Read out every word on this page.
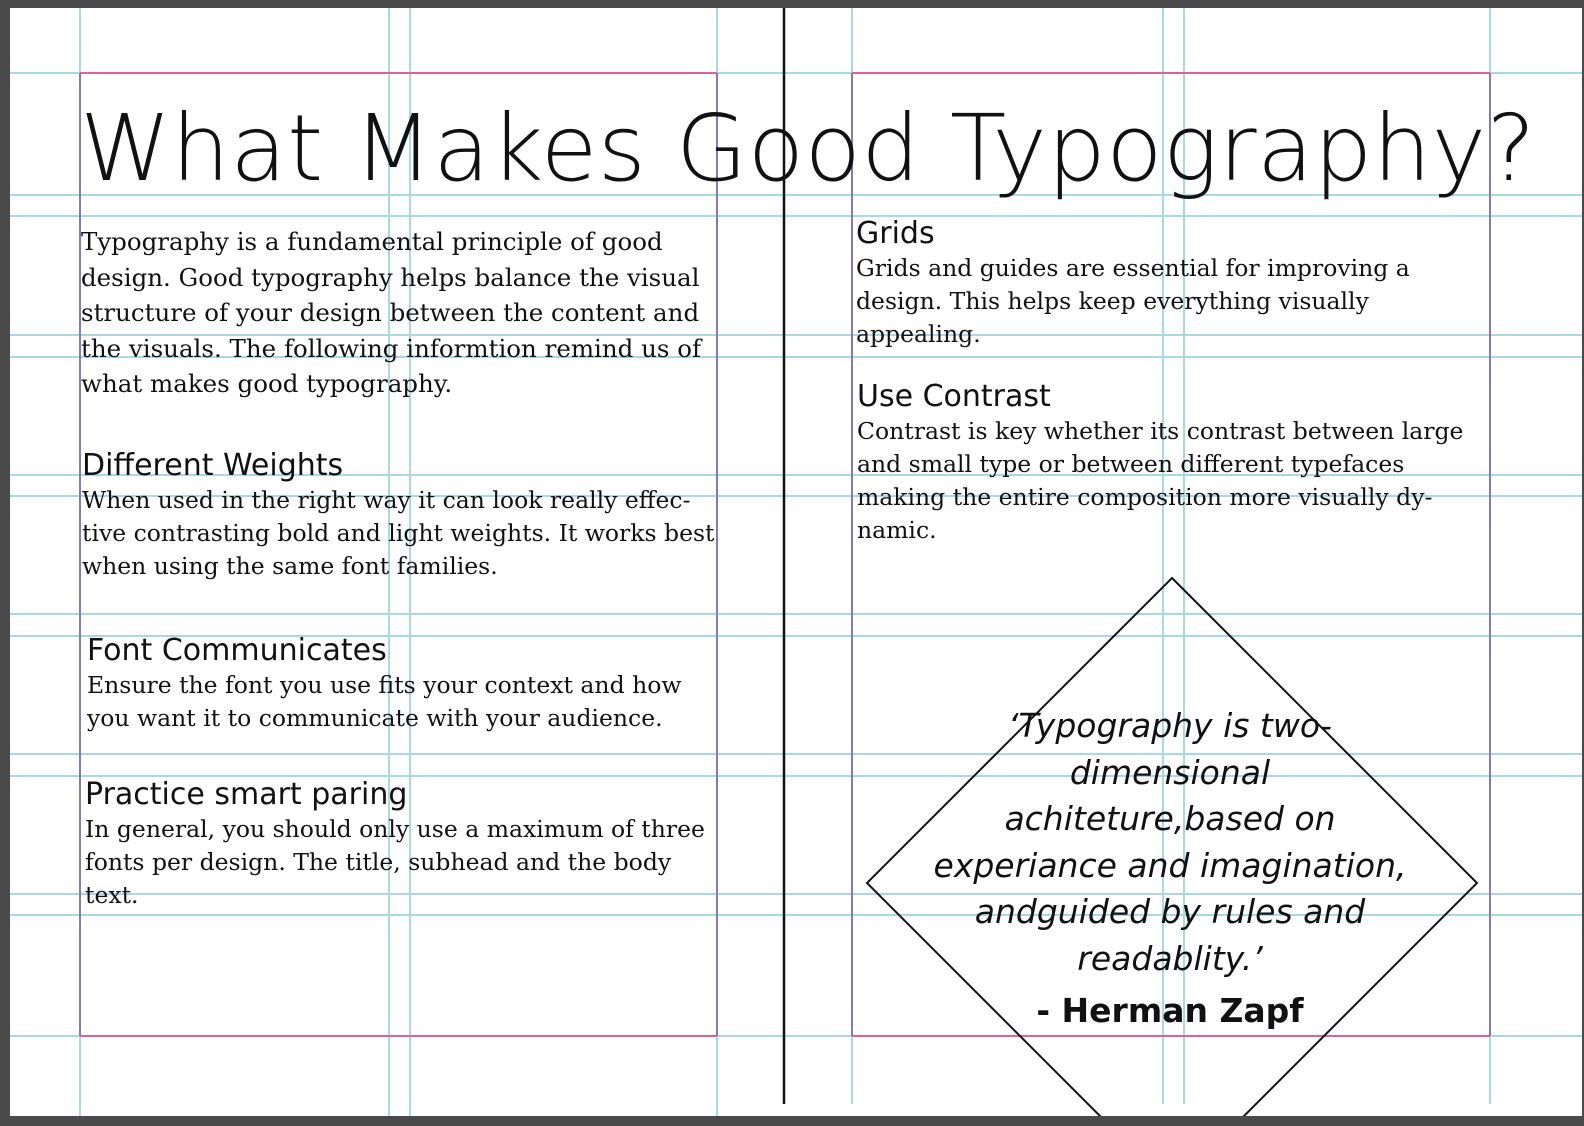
What Makes Good Typography?

Typography is a fundamental principle of good design. Good typography helps balance the visual structure of your design between the content and the visuals. The following informtion remind us of what makes good typography.

Different Weights

When used in the right way it can look really effec-tive contrasting bold and light weights. It works best when using the same font families.

Font Communicates

Ensure the font you use fits your context and how you want it to communicate with your audience.

Practice smart paring

In general, you should only use a maximum of three fonts per design. The title, subhead and the body text.

Grids

Grids and guides are essential for improving a design. This helps keep everything visually appealing.

Use Contrast

Contrast is key whether its contrast between large and small type or between different typefaces making the entire composition more visually dy-namic.

‘Typography is two-dimensional achiteture,based on experiance and imagination, andguided by rules and readablity.’

- Herman Zapf
